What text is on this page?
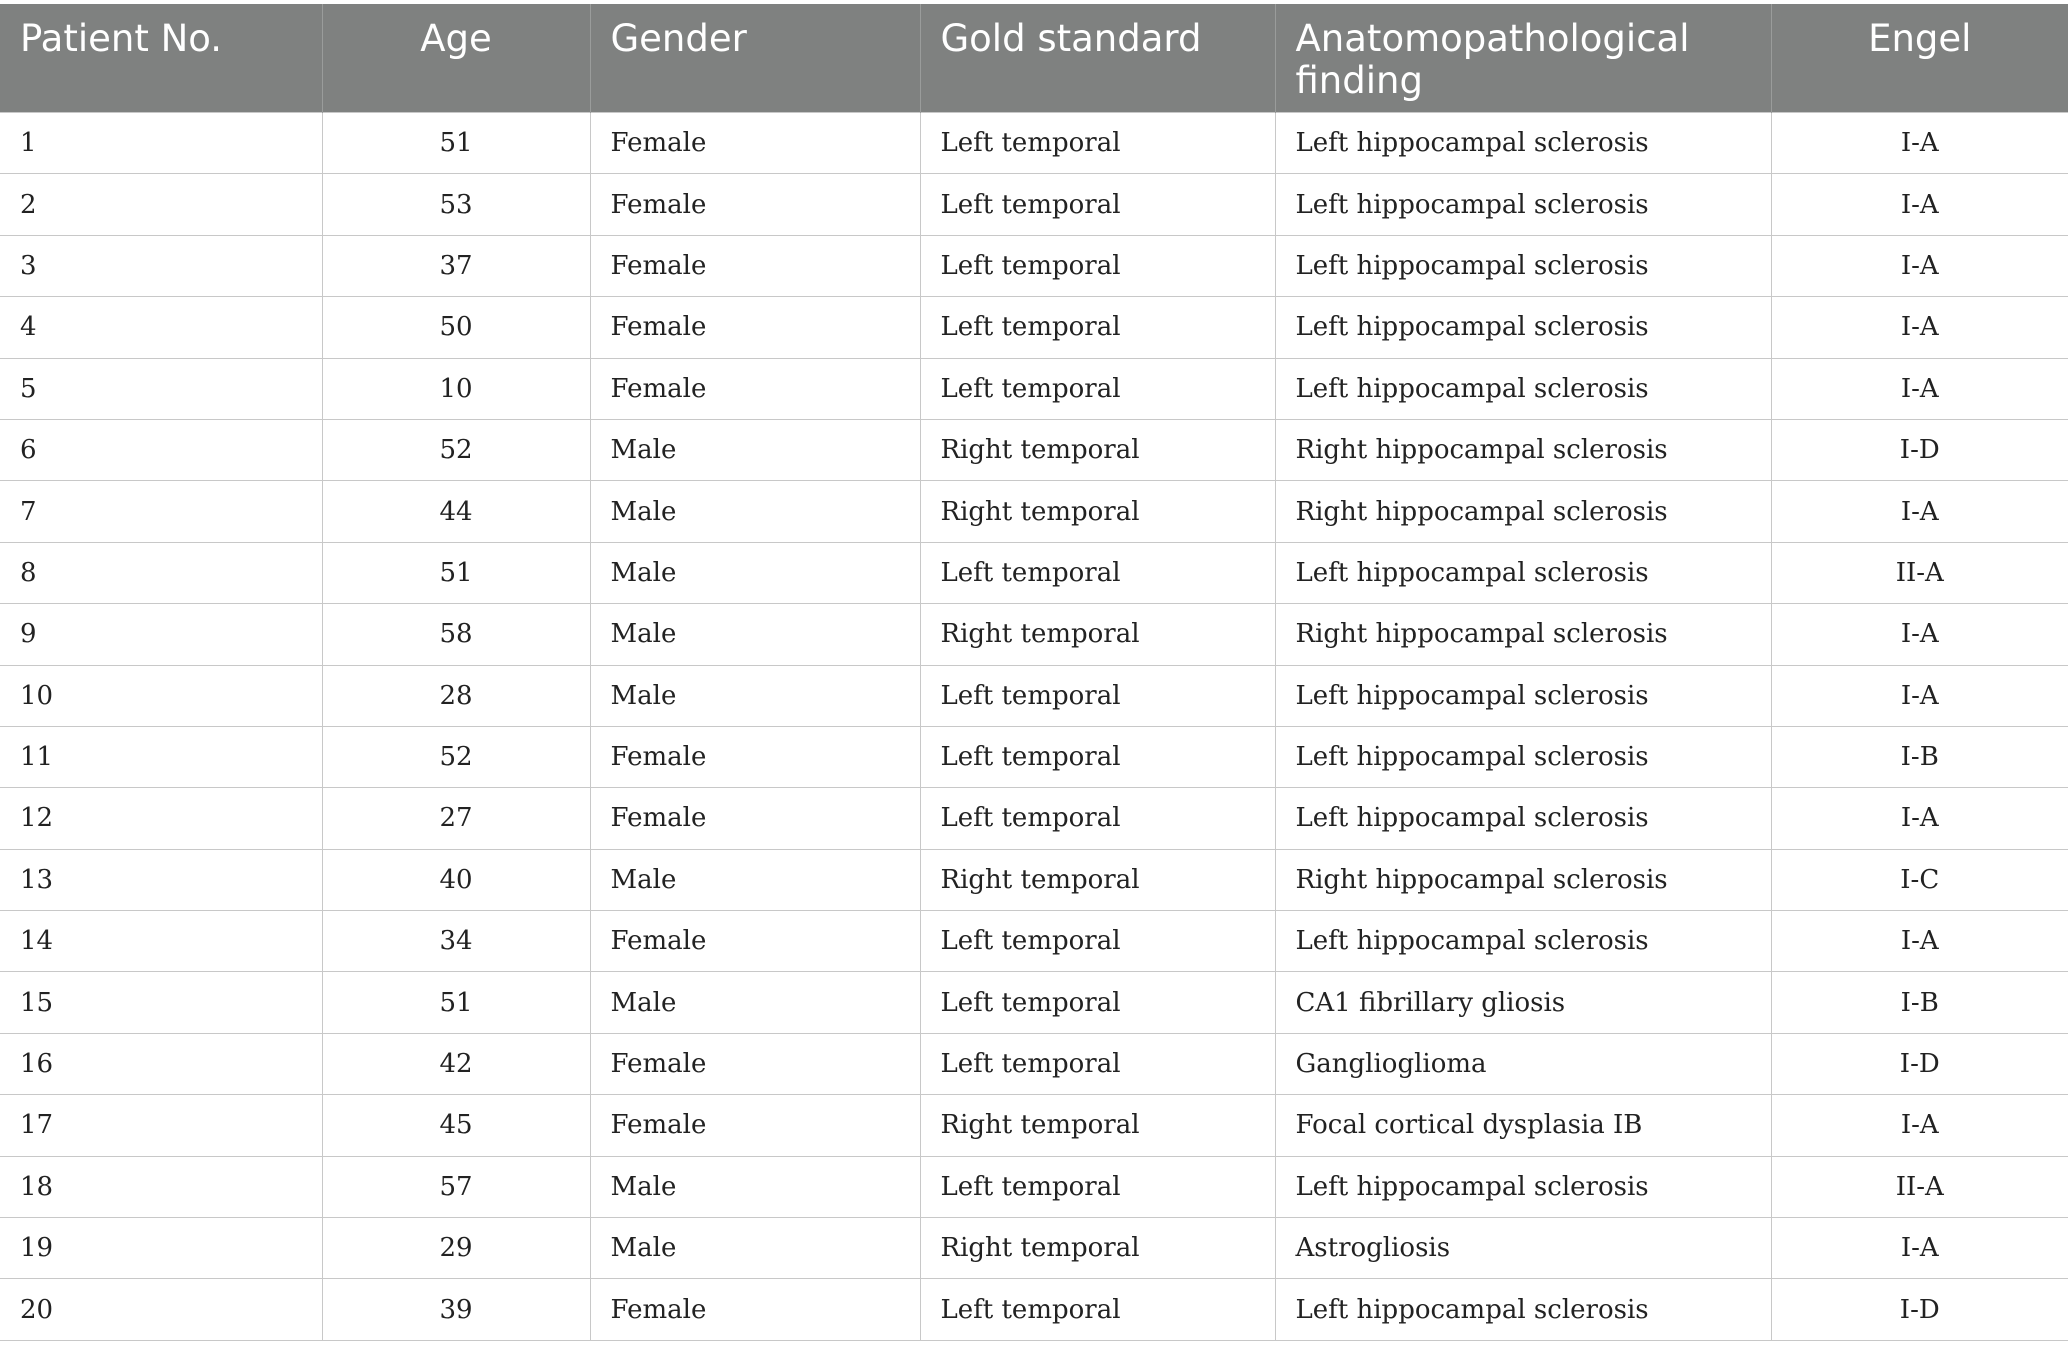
Patient No.	Age	Gender	Gold standard	Anatomopathological finding	Engel
1	51	Female	Left temporal	Left hippocampal sclerosis	I-A
2	53	Female	Left temporal	Left hippocampal sclerosis	I-A
3	37	Female	Left temporal	Left hippocampal sclerosis	I-A
4	50	Female	Left temporal	Left hippocampal sclerosis	I-A
5	10	Female	Left temporal	Left hippocampal sclerosis	I-A
6	52	Male	Right temporal	Right hippocampal sclerosis	I-D
7	44	Male	Right temporal	Right hippocampal sclerosis	I-A
8	51	Male	Left temporal	Left hippocampal sclerosis	II-A
9	58	Male	Right temporal	Right hippocampal sclerosis	I-A
10	28	Male	Left temporal	Left hippocampal sclerosis	I-A
11	52	Female	Left temporal	Left hippocampal sclerosis	I-B
12	27	Female	Left temporal	Left hippocampal sclerosis	I-A
13	40	Male	Right temporal	Right hippocampal sclerosis	I-C
14	34	Female	Left temporal	Left hippocampal sclerosis	I-A
15	51	Male	Left temporal	CA1 fibrillary gliosis	I-B
16	42	Female	Left temporal	Ganglioglioma	I-D
17	45	Female	Right temporal	Focal cortical dysplasia IB	I-A
18	57	Male	Left temporal	Left hippocampal sclerosis	II-A
19	29	Male	Right temporal	Astrogliosis	I-A
20	39	Female	Left temporal	Left hippocampal sclerosis	I-D
